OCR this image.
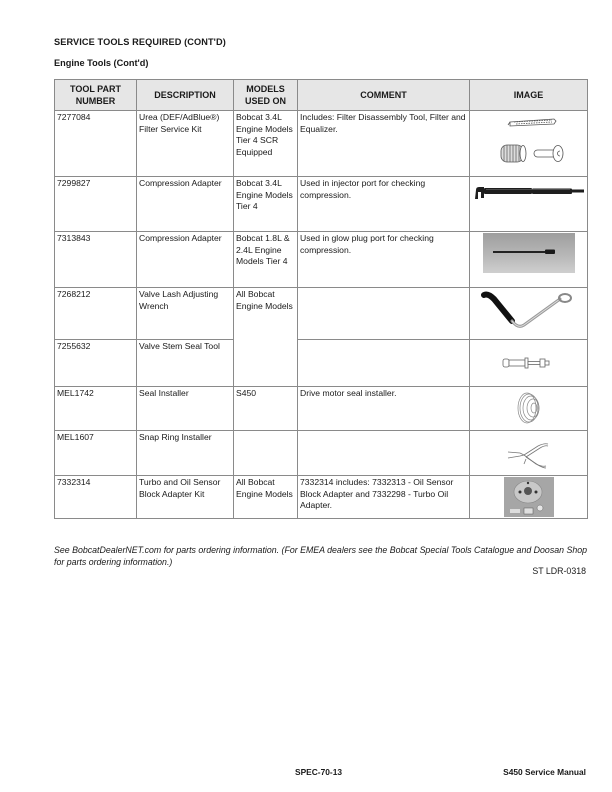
SERVICE TOOLS REQUIRED (CONT'D)
Engine Tools (Cont'd)
TOOL PART NUMBER	DESCRIPTION	MODELS USED ON	COMMENT	IMAGE
7277084	Urea (DEF/AdBlue®) Filter Service Kit	Bobcat 3.4L Engine Models Tier 4 SCR Equipped	Includes: Filter Disassembly Tool, Filter and Equalizer.	

7299827	Compression Adapter	Bobcat 3.4L Engine Models Tier 4	Used in injector port for checking compression.	

7313843	Compression Adapter	Bobcat 1.8L & 2.4L Engine Models Tier 4	Used in glow plug port for checking compression.	

7268212	Valve Lash Adjusting Wrench	All Bobcat Engine Models		

7255632	Valve Stem Seal Tool		

MEL1742	Seal Installer	S450	Drive motor seal installer.	

MEL1607	Snap Ring Installer			

7332314	Turbo and Oil Sensor Block Adapter Kit	All Bobcat Engine Models	7332314 includes: 7332313 - Oil Sensor Block Adapter and 7332298 - Turbo Oil Adapter.	
See BobcatDealerNET.com for parts ordering information. (For EMEA dealers see the Bobcat Special Tools Catalogue and Doosan Shop for parts ordering information.)
ST LDR-0318
SPEC-70-13	S450 Service Manual
